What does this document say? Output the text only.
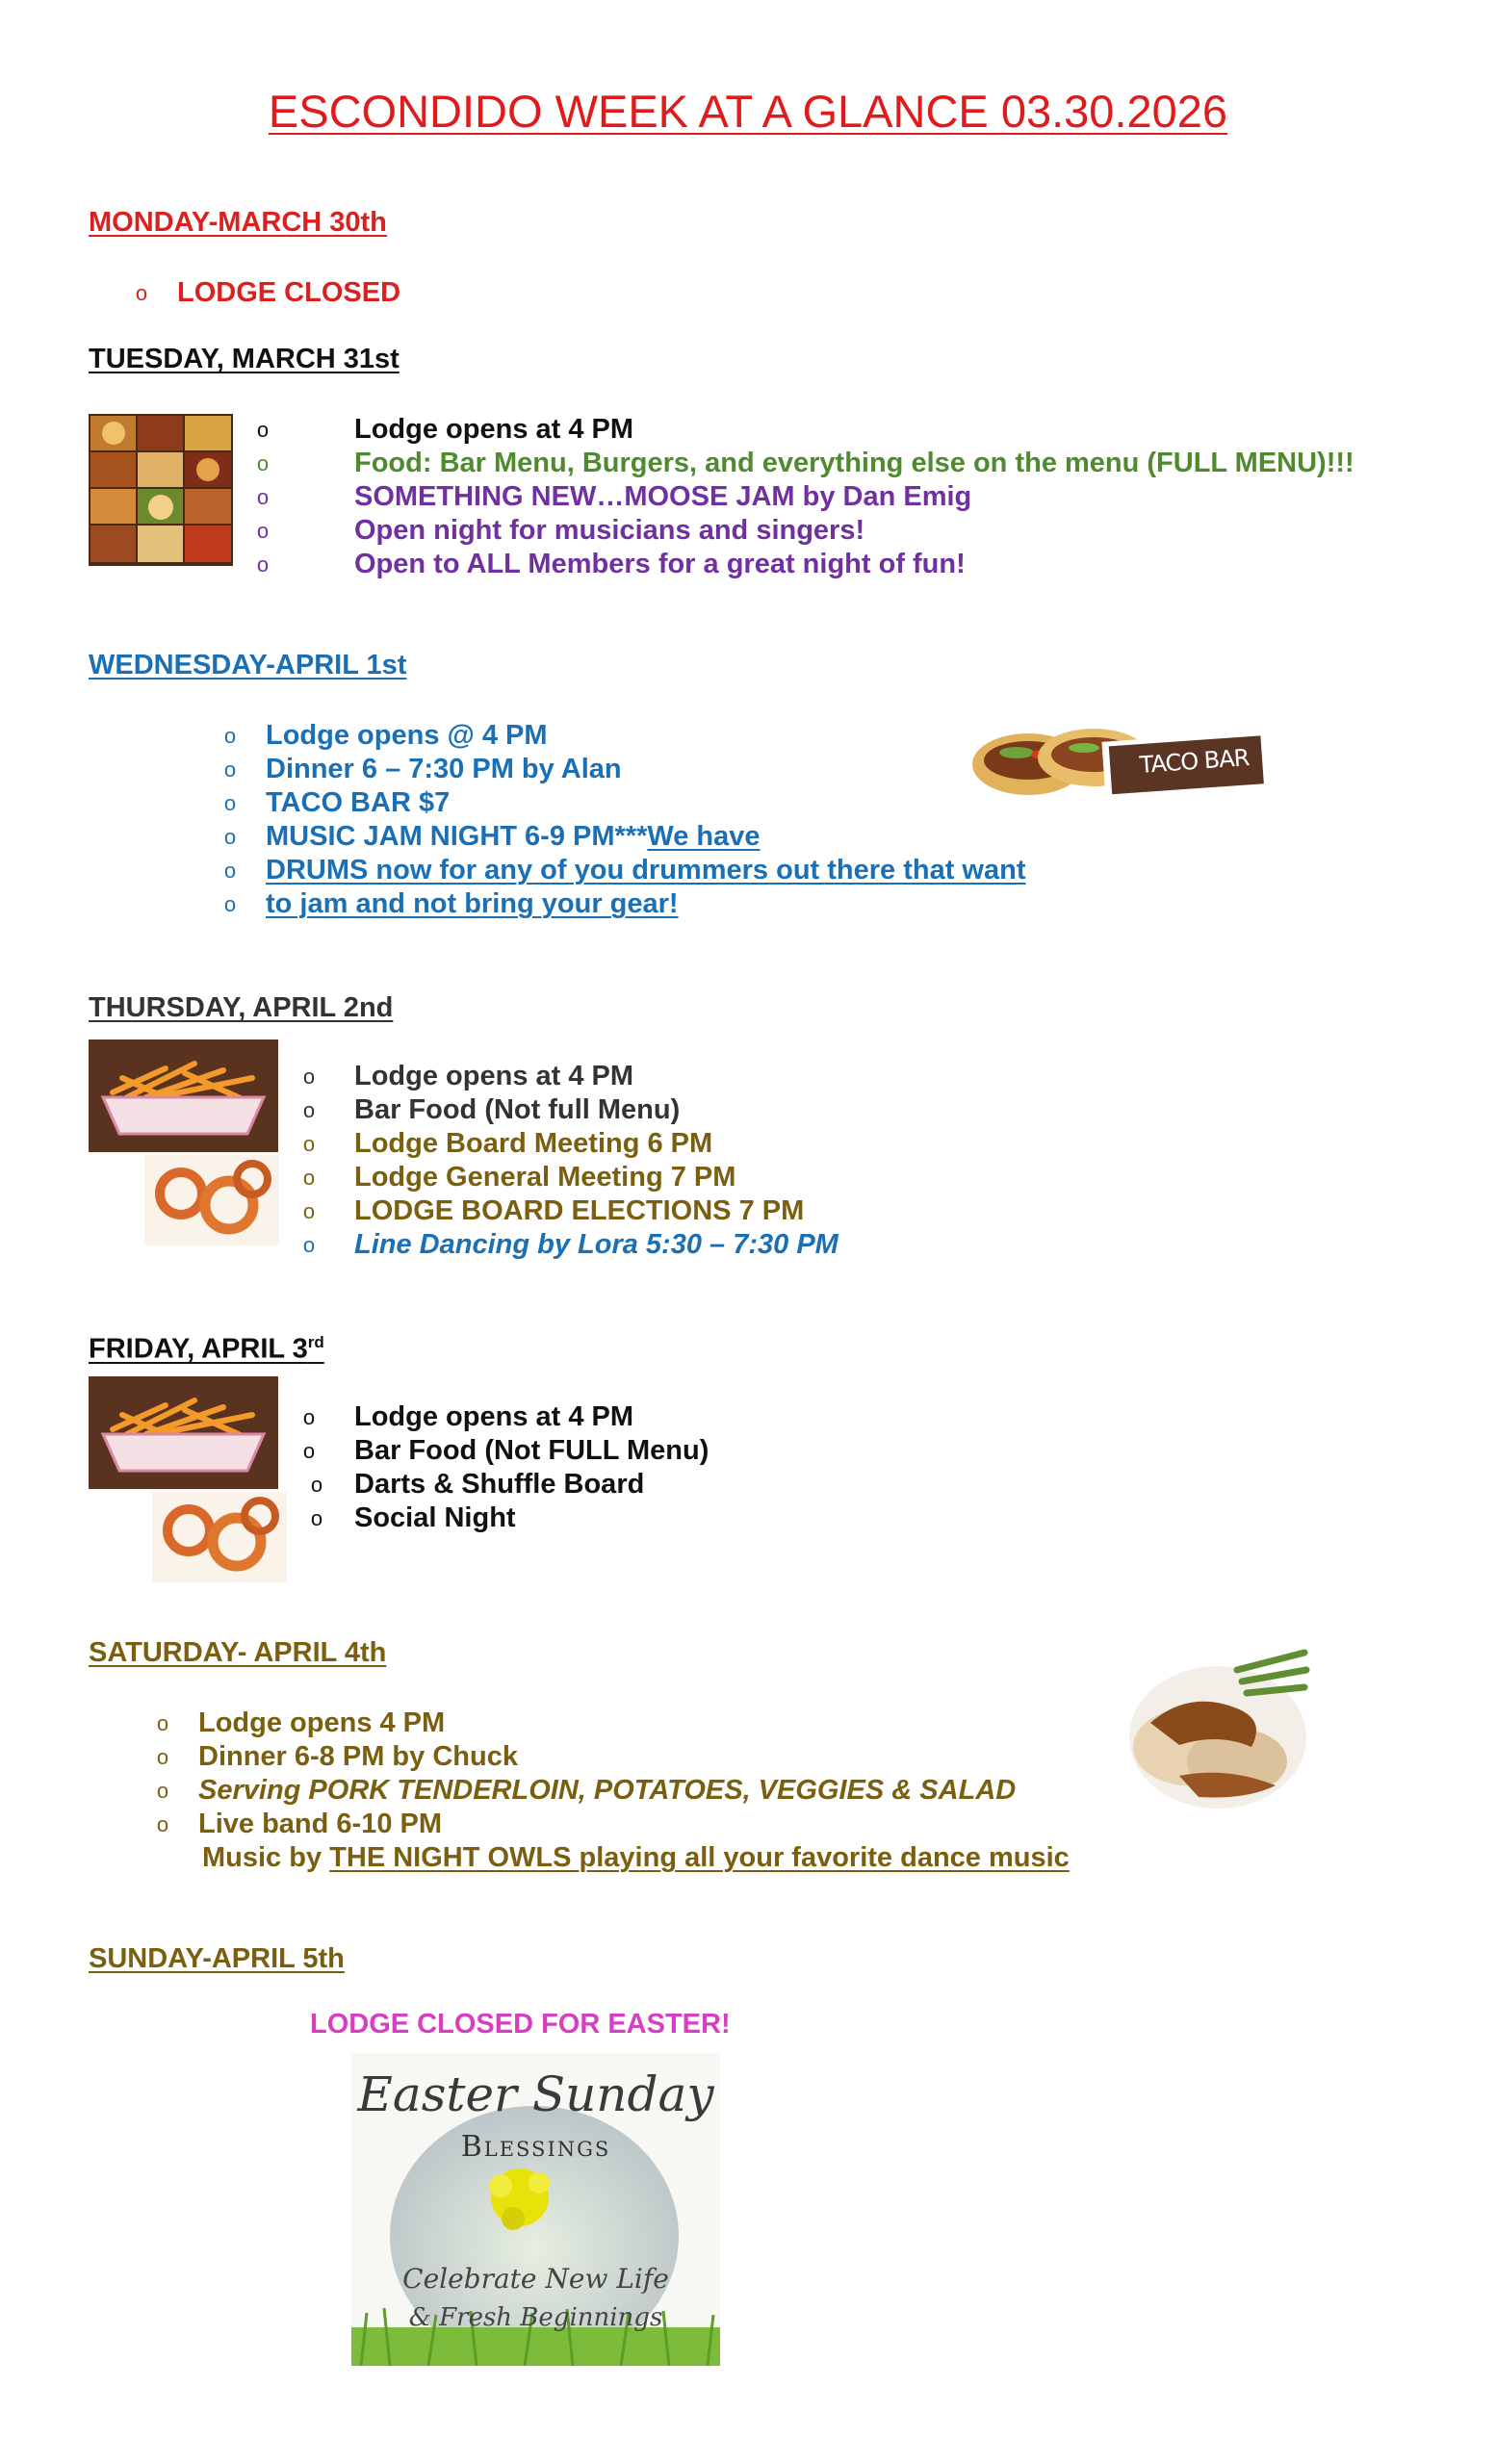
ESCONDIDO WEEK AT A GLANCE 03.30.2026
MONDAY-MARCH 30th
o LODGE CLOSED
TUESDAY, MARCH 31st
o
o
o
o
o
Lodge opens at 4 PM
Food: Bar Menu, Burgers, and everything else on the menu (FULL MENU)!!!
SOMETHING NEW…MOOSE JAM by Dan Emig
Open night for musicians and singers!
Open to ALL Members for a great night of fun!
WEDNESDAY-APRIL 1st
o
o
o
o
o
o
Lodge opens @ 4 PM
Dinner 6 – 7:30 PM by Alan
TACO BAR $7
MUSIC JAM NIGHT 6-9 PM***We have
DRUMS now for any of you drummers out there that want
to jam and not bring your gear!
TACO BAR
THURSDAY, APRIL 2nd
o
o
o
o
o
o
Lodge opens at 4 PM
Bar Food (Not full Menu)
Lodge Board Meeting 6 PM
Lodge General Meeting 7 PM
LODGE BOARD ELECTIONS 7 PM
Line Dancing by Lora 5:30 – 7:30 PM
FRIDAY, APRIL 3rd
o
o
o
o
Lodge opens at 4 PM
Bar Food (Not FULL Menu)
Darts & Shuffle Board
Social Night
SATURDAY- APRIL 4th
o
o
o
o
Lodge opens 4 PM
Dinner 6-8 PM by Chuck
Serving PORK TENDERLOIN, POTATOES, VEGGIES & SALAD
Live band 6-10 PM
Music by THE NIGHT OWLS playing all your favorite dance music
SUNDAY-APRIL 5th
LODGE CLOSED FOR EASTER!
Easter Sunday
Blessings
Celebrate New Life
& Fresh Beginnings
